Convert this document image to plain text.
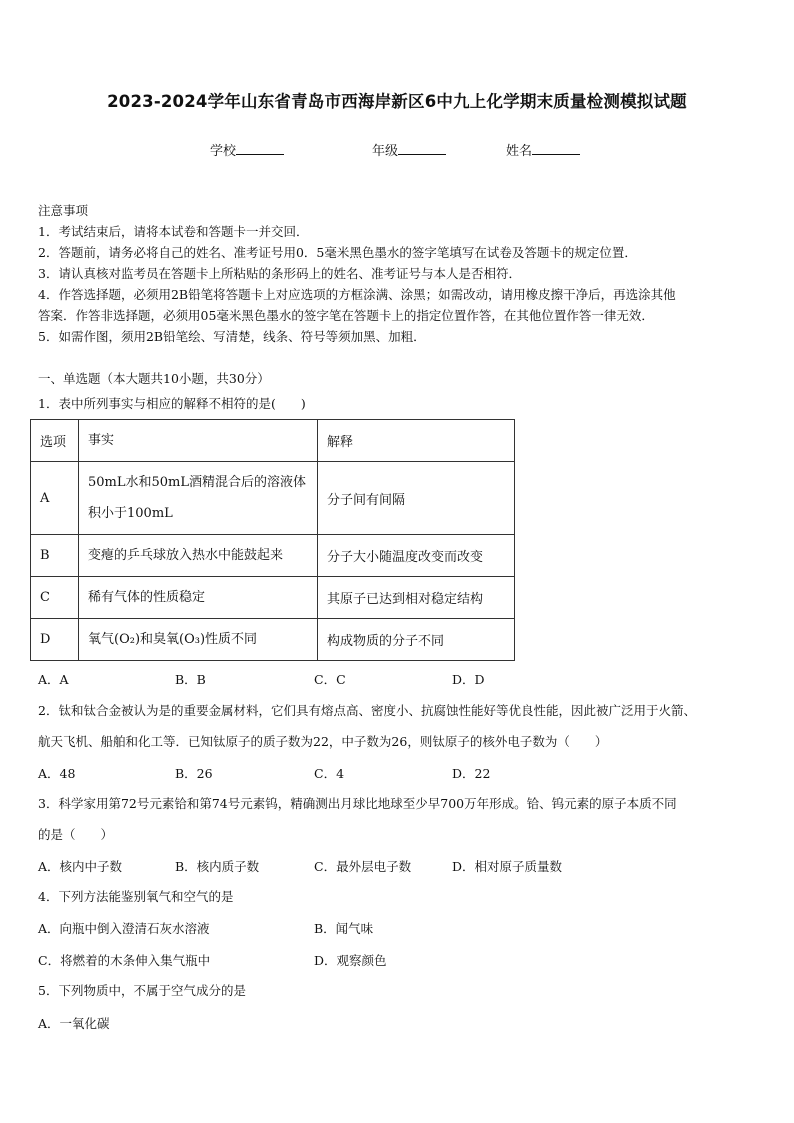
2023-2024学年山东省青岛市西海岸新区6中九上化学期末质量检测模拟试题
学校	年级	姓名
注意事项
1．考试结束后，请将本试卷和答题卡一并交回．
2．答题前，请务必将自己的姓名、准考证号用0．5毫米黑色墨水的签字笔填写在试卷及答题卡的规定位置．
3．请认真核对监考员在答题卡上所粘贴的条形码上的姓名、准考证号与本人是否相符．
4．作答选择题，必须用2B铅笔将答题卡上对应选项的方框涂满、涂黑；如需改动，请用橡皮擦干净后，再选涂其他
答案．作答非选择题，必须用05毫米黑色墨水的签字笔在答题卡上的指定位置作答，在其他位置作答一律无效．
5．如需作图，须用2B铅笔绘、写清楚，线条、符号等须加黑、加粗．
一、单选题（本大题共10小题，共30分）
1．表中所列事实与相应的解释不相符的是(　　)
选项	事实	解释
A	50mL水和50mL酒精混合后的溶液体积小于100mL	分子间有间隔
B	变瘪的乒乓球放入热水中能鼓起来	分子大小随温度改变而改变
C	稀有气体的性质稳定	其原子已达到相对稳定结构
D	氧气(O₂)和臭氧(O₃)性质不同	构成物质的分子不同
A．A	B．B	C．C	D．D
2．钛和钛合金被认为是的重要金属材料，它们具有熔点高、密度小、抗腐蚀性能好等优良性能，因此被广泛用于火箭、
航天飞机、船舶和化工等．已知钛原子的质子数为22，中子数为26，则钛原子的核外电子数为（　　）
A．48	B．26	C．4	D．22
3．科学家用第72号元素铪和第74号元素钨，精确测出月球比地球至少早700万年形成。铪、钨元素的原子本质不同
的是（　　）
A．核内中子数	B．核内质子数	C．最外层电子数	D．相对原子质量数
4．下列方法能鉴别氧气和空气的是
A．向瓶中倒入澄清石灰水溶液	B．闻气味
C．将燃着的木条伸入集气瓶中	D．观察颜色
5．下列物质中，不属于空气成分的是
A．一氧化碳
